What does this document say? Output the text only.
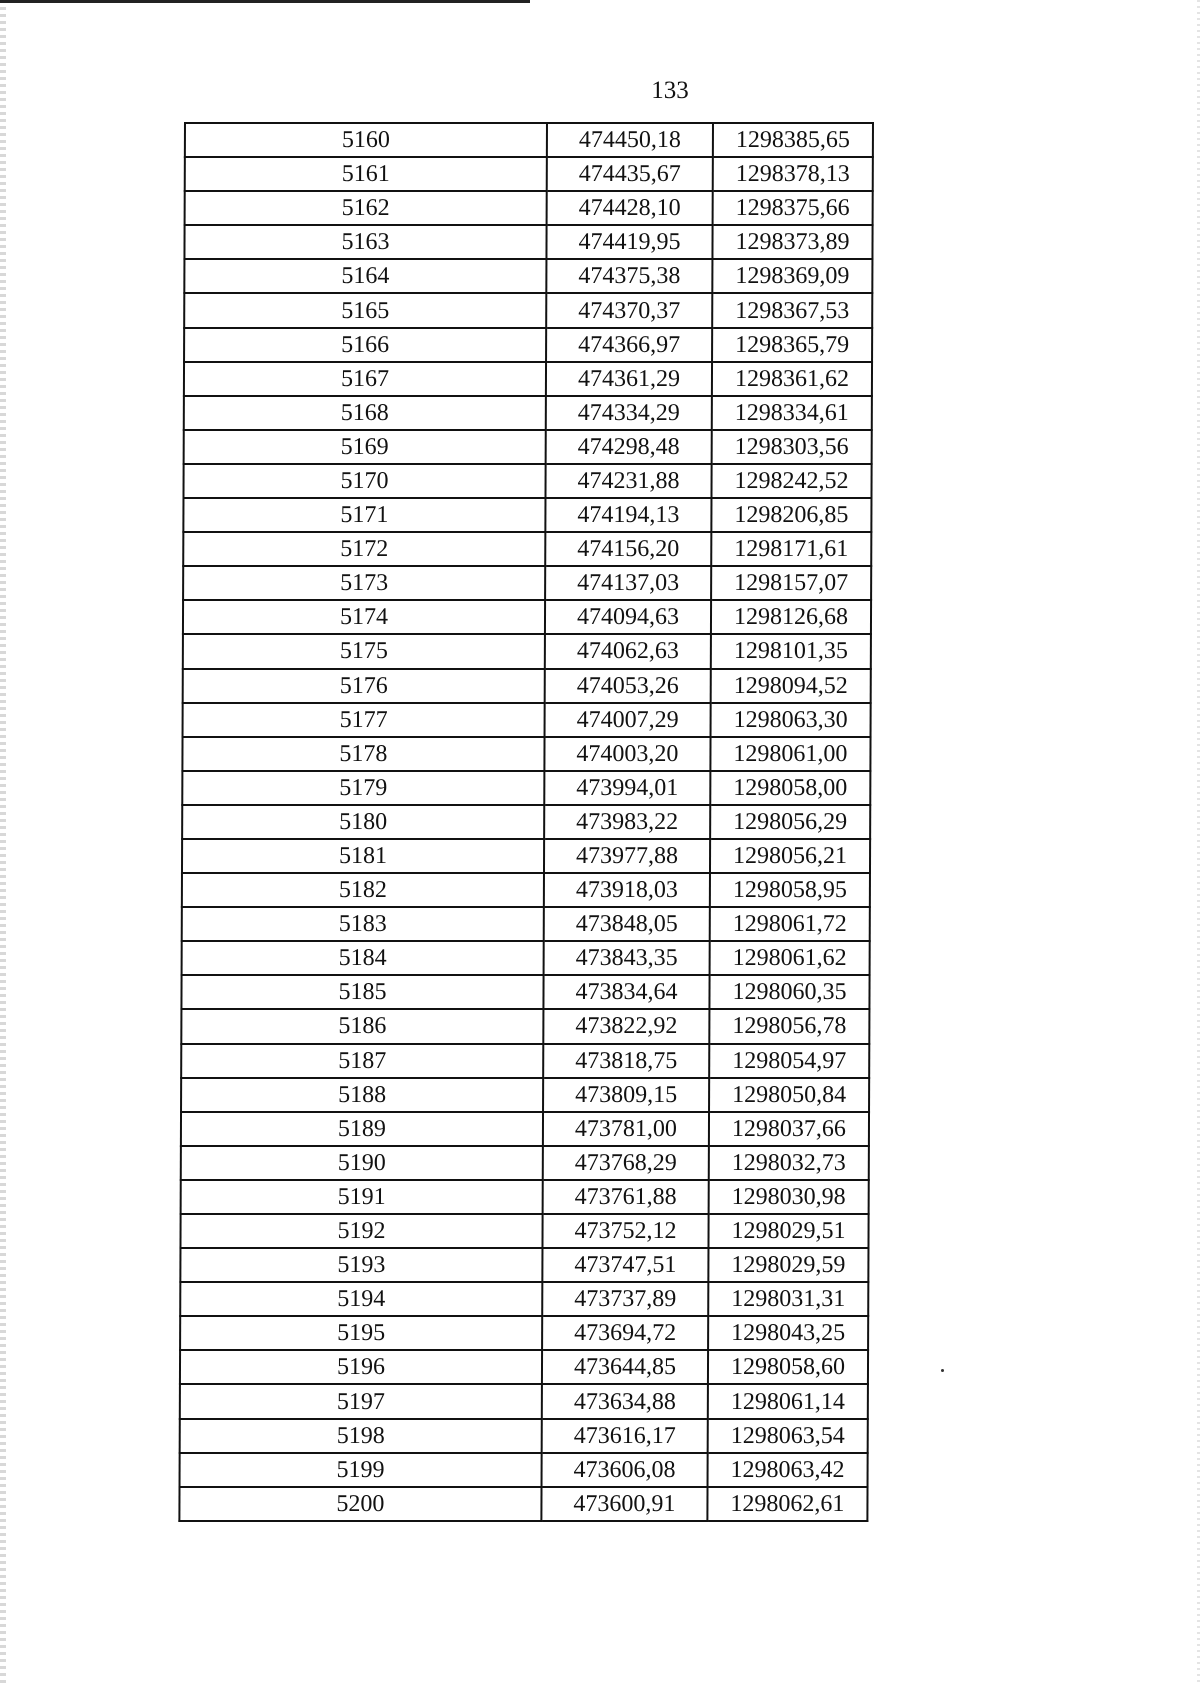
133
5160	474450,18	1298385,65
5161	474435,67	1298378,13
5162	474428,10	1298375,66
5163	474419,95	1298373,89
5164	474375,38	1298369,09
5165	474370,37	1298367,53
5166	474366,97	1298365,79
5167	474361,29	1298361,62
5168	474334,29	1298334,61
5169	474298,48	1298303,56
5170	474231,88	1298242,52
5171	474194,13	1298206,85
5172	474156,20	1298171,61
5173	474137,03	1298157,07
5174	474094,63	1298126,68
5175	474062,63	1298101,35
5176	474053,26	1298094,52
5177	474007,29	1298063,30
5178	474003,20	1298061,00
5179	473994,01	1298058,00
5180	473983,22	1298056,29
5181	473977,88	1298056,21
5182	473918,03	1298058,95
5183	473848,05	1298061,72
5184	473843,35	1298061,62
5185	473834,64	1298060,35
5186	473822,92	1298056,78
5187	473818,75	1298054,97
5188	473809,15	1298050,84
5189	473781,00	1298037,66
5190	473768,29	1298032,73
5191	473761,88	1298030,98
5192	473752,12	1298029,51
5193	473747,51	1298029,59
5194	473737,89	1298031,31
5195	473694,72	1298043,25
5196	473644,85	1298058,60
5197	473634,88	1298061,14
5198	473616,17	1298063,54
5199	473606,08	1298063,42
5200	473600,91	1298062,61
